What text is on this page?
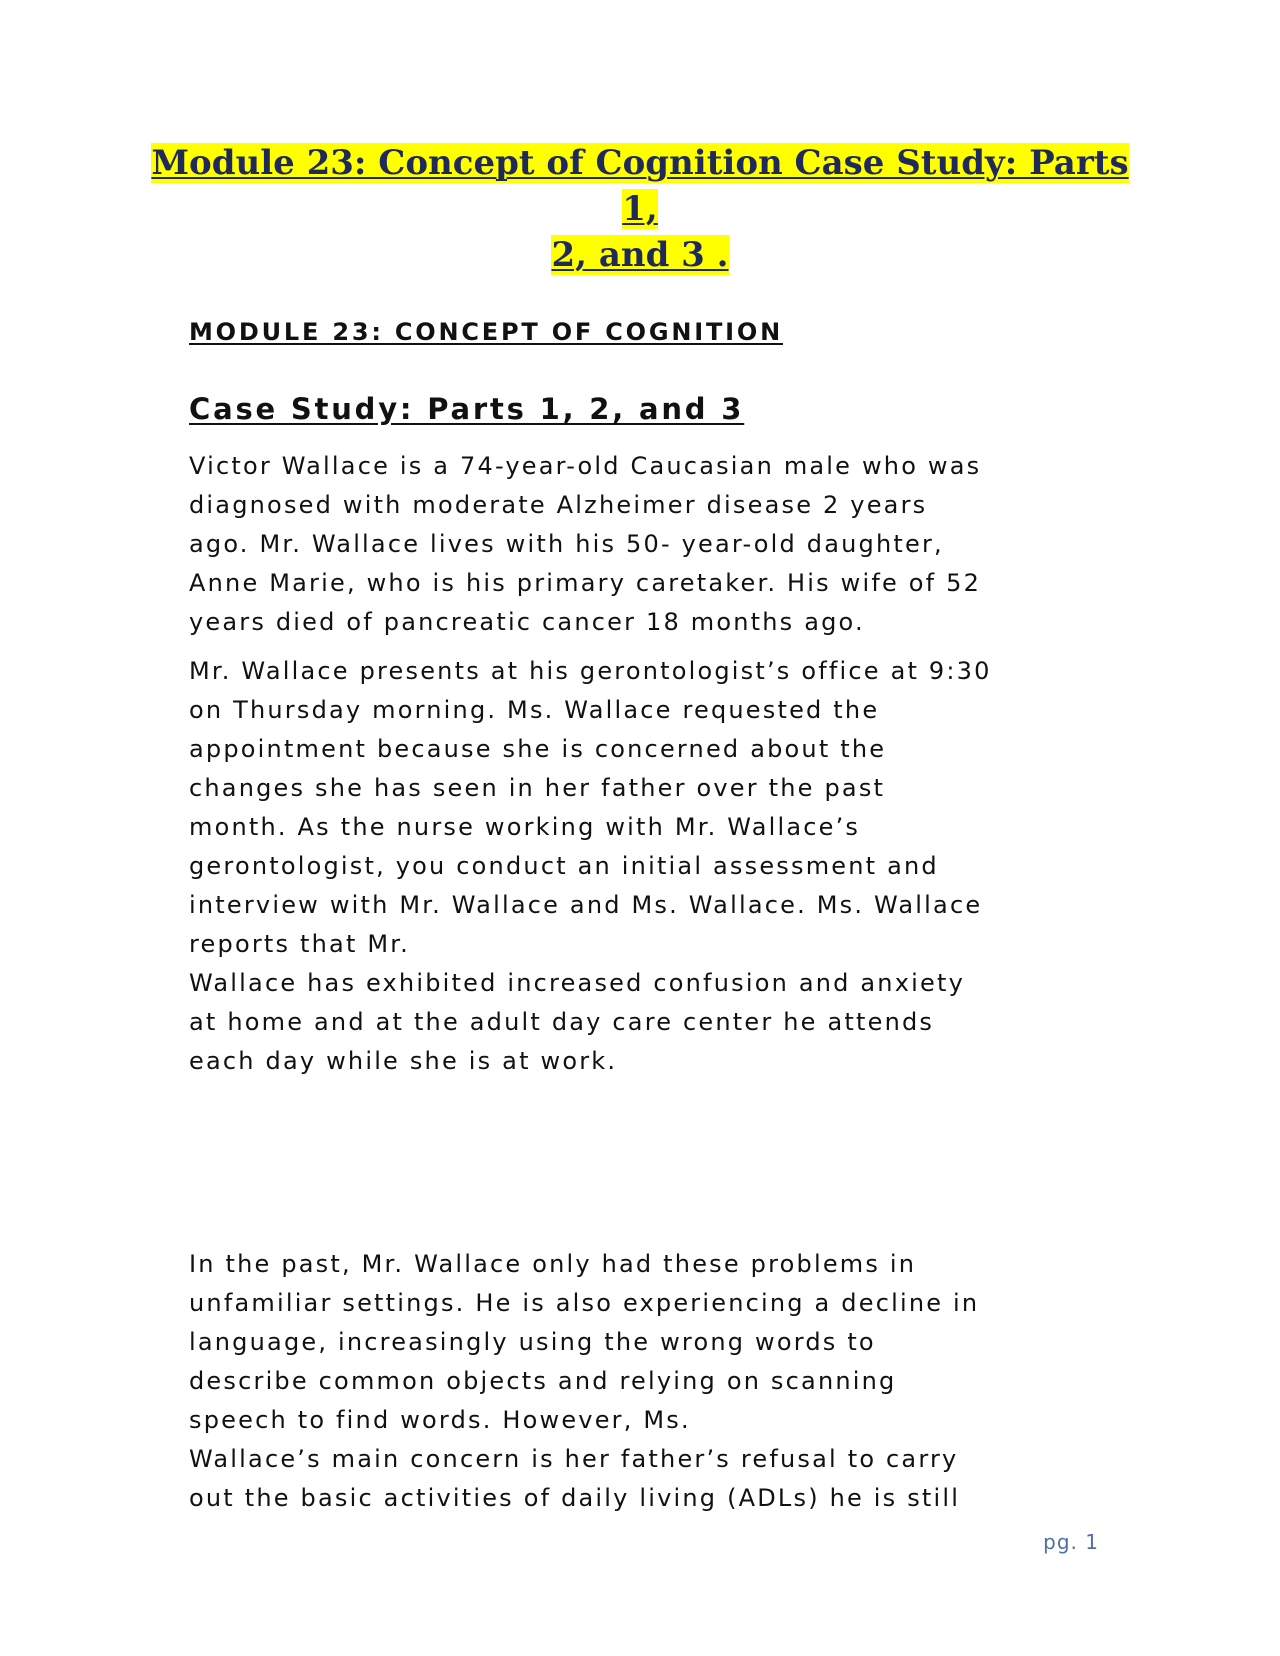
Module 23: Concept of Cognition Case Study: Parts 1,
2, and 3 .
MODULE 23: CONCEPT OF COGNITION
Case Study: Parts 1, 2, and 3
Victor Wallace is a 74-year-old Caucasian male who was
diagnosed with moderate Alzheimer disease 2 years
ago. Mr. Wallace lives with his 50- year-old daughter,
Anne Marie, who is his primary caretaker. His wife of 52
years died of pancreatic cancer 18 months ago.
Mr. Wallace presents at his gerontologist’s office at 9:30
on Thursday morning. Ms. Wallace requested the
appointment because she is concerned about the
changes she has seen in her father over the past
month. As the nurse working with Mr. Wallace’s
gerontologist, you conduct an initial assessment and
interview with Mr. Wallace and Ms. Wallace. Ms. Wallace
reports that Mr.
Wallace has exhibited increased confusion and anxiety
at home and at the adult day care center he attends
each day while she is at work.
In the past, Mr. Wallace only had these problems in
unfamiliar settings. He is also experiencing a decline in
language, increasingly using the wrong words to
describe common objects and relying on scanning
speech to find words. However, Ms.
Wallace’s main concern is her father’s refusal to carry
out the basic activities of daily living (ADLs) he is still
pg. 1
